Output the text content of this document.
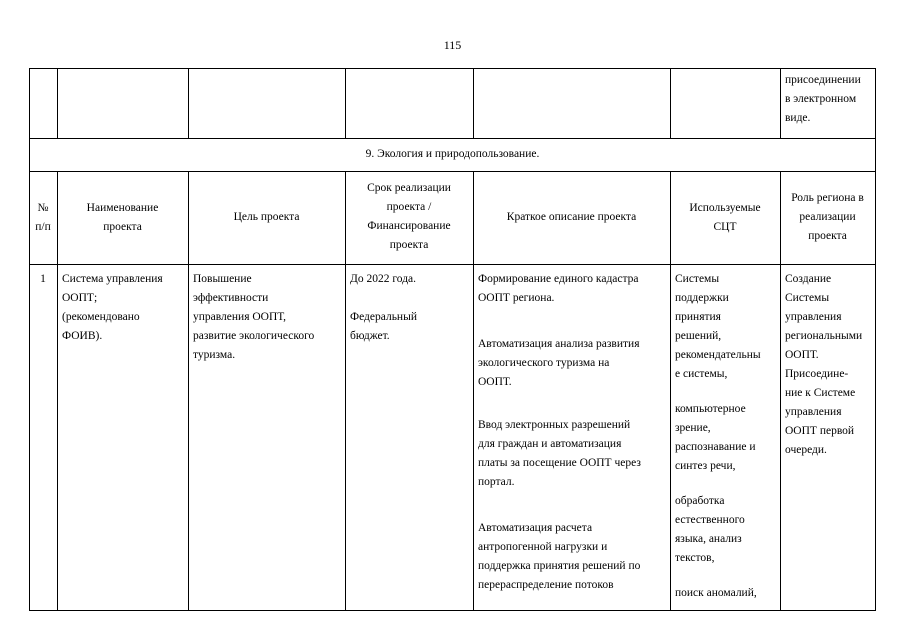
115
присоединении
в электронном
виде.
9. Экология и природопользование.
№
п/п
Наименование
проекта
Цель проекта
Срок реализации
проекта /
Финансирование
проекта
Краткое описание проекта
Используемые
СЦТ
Роль региона в
реализации
проекта
1	Система управления
ООПТ;
(рекомендовано
ФОИВ).
Повышение
эффективности
управления ООПТ,
развитие экологического
туризма.
До 2022 года.
Федеральный
бюджет.
Формирование единого кадастра
ООПТ региона.
Автоматизация анализа развития
экологического туризма на
ООПТ.
Ввод электронных разрешений
для граждан и автоматизация
платы за посещение ООПТ через
портал.
Автоматизация расчета
антропогенной нагрузки и
поддержка принятия решений по
перераспределение потоков
Системы
поддержки
принятия
решений,
рекомендательны
е системы,
компьютерное
зрение,
распознавание и
синтез речи,
обработка
естественного
языка, анализ
текстов,
поиск аномалий,
Создание
Системы
управления
региональными
ООПТ.
Присоедине-
ние к Системе
управления
ООПТ первой
очереди.
